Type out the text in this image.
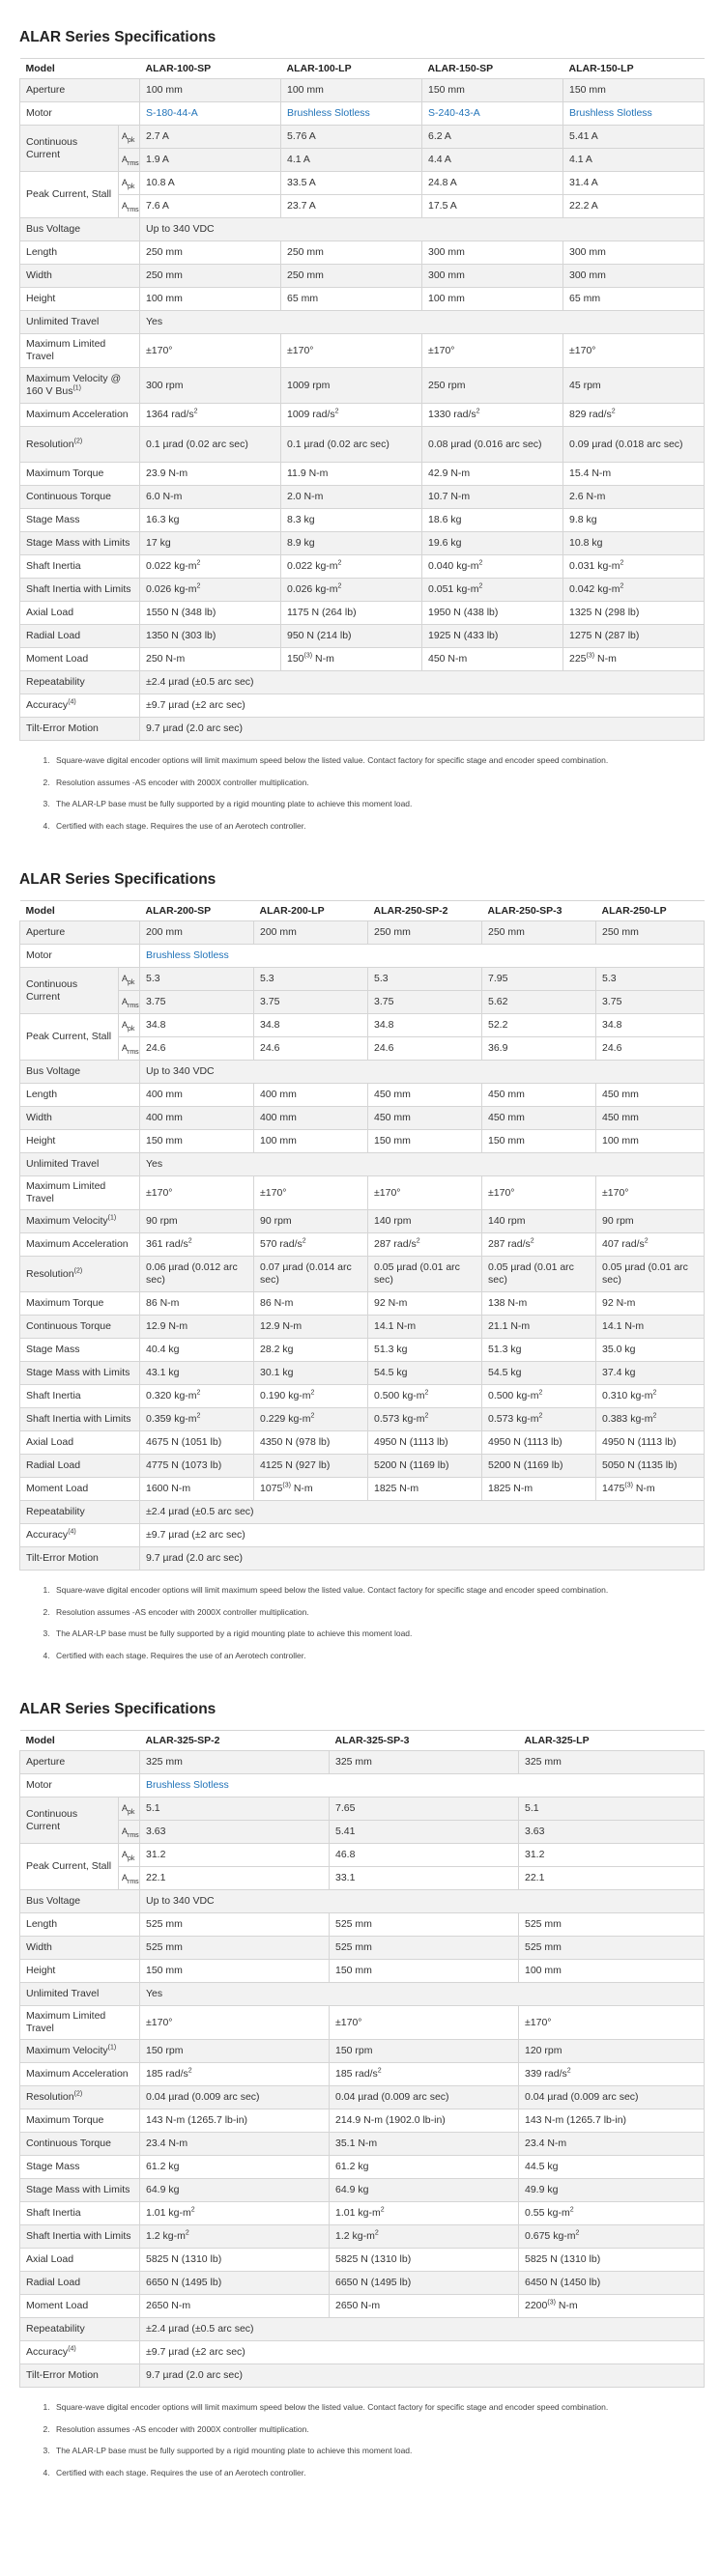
ALAR Series Specifications
Model		ALAR-100-SP	ALAR-100-LP	ALAR-150-SP	ALAR-150-LP
Aperture		100 mm	100 mm	150 mm	150 mm
Motor		S-180-44-A	Brushless Slotless	S-240-43-A	Brushless Slotless
Continuous Current	$A_{pk}$	2.7 A	5.76 A	6.2 A	5.41 A
	$A_{rms}$	1.9 A	4.1 A	4.4 A	4.1 A
Peak Current, Stall	$A_{pk}$	10.8 A	33.5 A	24.8 A	31.4 A
	$A_{rms}$	7.6 A	23.7 A	17.5 A	22.2 A
Bus Voltage		Up to 340 VDC			
Length		250 mm	250 mm	300 mm	300 mm
Width		250 mm	250 mm	300 mm	300 mm
Height		100 mm	65 mm	100 mm	65 mm
Unlimited Travel		Yes			
Maximum Limited Travel		±170°	±170°	±170°	±170°
Maximum Velocity @ 160 V Bus$^{(1)}$		300 rpm	1009 rpm	250 rpm	45 rpm
Maximum Acceleration		1364 rad/$s^2$	1009 rad/$s^2$	1330 rad/$s^2$	829 rad/$s^2$
Resolution$^{(2)}$		0.1 µrad (0.02 arc sec)	0.1 µrad (0.02 arc sec)	0.08 µrad (0.016 arc sec)	0.09 µrad (0.018 arc sec)
Maximum Torque		23.9 N-m	11.9 N-m	42.9 N-m	15.4 N-m
Continuous Torque		6.0 N-m	2.0 N-m	10.7 N-m	2.6 N-m
Stage Mass		16.3 kg	8.3 kg	18.6 kg	9.8 kg
Stage Mass with Limits		17 kg	8.9 kg	19.6 kg	10.8 kg
Shaft Inertia		0.022 $kg-m^2$	0.022 $kg-m^2$	0.040 $kg-m^2$	0.031 $kg-m^2$
Shaft Inertia with Limits		0.026 $kg-m^2$	0.026 $kg-m^2$	0.051 $kg-m^2$	0.042 $kg-m^2$
Axial Load		1550 N (348 lb)	1175 N (264 lb)	1950 N (438 lb)	1325 N (298 lb)
Radial Load		1350 N (303 lb)	950 N (214 lb)	1925 N (433 lb)	1275 N (287 lb)
Moment Load		250 N-m	150$^{(3)}$ N-m	450 N-m	225$^{(3)}$ N-m
Repeatability		±2.4 µrad (±0.5 arc sec)			
Accuracy$^{(4)}$		±9.7 µrad (±2 arc sec)			
Tilt-Error Motion		9.7 µrad (2.0 arc sec)			
1. Square-wave digital encoder options will limit maximum speed below the listed value. Contact factory for specific stage and encoder speed combination.
2. Resolution assumes -AS encoder with 2000X controller multiplication.
3. The ALAR-LP base must be fully supported by a rigid mounting plate to achieve this moment load.
4. Certified with each stage. Requires the use of an Aerotech controller.
ALAR Series Specifications
Model		ALAR-200-SP	ALAR-200-LP	ALAR-250-SP-2	ALAR-250-SP-3	ALAR-250-LP
Aperture		200 mm	200 mm	250 mm	250 mm	250 mm
Motor		Brushless Slotless				
Continuous Current	$A_{pk}$	5.3	5.3	5.3	7.95	5.3
	$A_{rms}$	3.75	3.75	3.75	5.62	3.75
Peak Current, Stall	$A_{pk}$	34.8	34.8	34.8	52.2	34.8
	$A_{rms}$	24.6	24.6	24.6	36.9	24.6
Bus Voltage		Up to 340 VDC				
Length		400 mm	400 mm	450 mm	450 mm	450 mm
Width		400 mm	400 mm	450 mm	450 mm	450 mm
Height		150 mm	100 mm	150 mm	150 mm	100 mm
Unlimited Travel		Yes				
Maximum Limited Travel		±170°	±170°	±170°	±170°	±170°
Maximum Velocity$^{(1)}$		90 rpm	90 rpm	140 rpm	140 rpm	90 rpm
Maximum Acceleration		361 rad/$s^2$	570 rad/$s^2$	287 rad/$s^2$	287 rad/$s^2$	407 rad/$s^2$
Resolution$^{(2)}$		0.06 µrad (0.012 arc sec)	0.07 µrad (0.014 arc sec)	0.05 µrad (0.01 arc sec)	0.05 µrad (0.01 arc sec)	0.05 µrad (0.01 arc sec)
Maximum Torque		86 N-m	86 N-m	92 N-m	138 N-m	92 N-m
Continuous Torque		12.9 N-m	12.9 N-m	14.1 N-m	21.1 N-m	14.1 N-m
Stage Mass		40.4 kg	28.2 kg	51.3 kg	51.3 kg	35.0 kg
Stage Mass with Limits		43.1 kg	30.1 kg	54.5 kg	54.5 kg	37.4 kg
Shaft Inertia		0.320 $kg-m^2$	0.190 $kg-m^2$	0.500 $kg-m^2$	0.500 $kg-m^2$	0.310 $kg-m^2$
Shaft Inertia with Limits		0.359 $kg-m^2$	0.229 $kg-m^2$	0.573 $kg-m^2$	0.573 $kg-m^2$	0.383 $kg-m^2$
Axial Load		4675 N (1051 lb)	4350 N (978 lb)	4950 N (1113 lb)	4950 N (1113 lb)	4950 N (1113 lb)
Radial Load		4775 N (1073 lb)	4125 N (927 lb)	5200 N (1169 lb)	5200 N (1169 lb)	5050 N (1135 lb)
Moment Load		1600 N-m	1075$^{(3)}$ N-m	1825 N-m	1825 N-m	1475$^{(3)}$ N-m
Repeatability		±2.4 µrad (±0.5 arc sec)				
Accuracy$^{(4)}$		±9.7 µrad (±2 arc sec)				
Tilt-Error Motion		9.7 µrad (2.0 arc sec)				
1. Square-wave digital encoder options will limit maximum speed below the listed value. Contact factory for specific stage and encoder speed combination.
2. Resolution assumes -AS encoder with 2000X controller multiplication.
3. The ALAR-LP base must be fully supported by a rigid mounting plate to achieve this moment load.
4. Certified with each stage. Requires the use of an Aerotech controller.
ALAR Series Specifications
Model		ALAR-325-SP-2	ALAR-325-SP-3	ALAR-325-LP
Aperture		325 mm	325 mm	325 mm
Motor		Brushless Slotless		
Continuous Current	$A_{pk}$	5.1	7.65	5.1
	$A_{rms}$	3.63	5.41	3.63
Peak Current, Stall	$A_{pk}$	31.2	46.8	31.2
	$A_{rms}$	22.1	33.1	22.1
Bus Voltage		Up to 340 VDC		
Length		525 mm	525 mm	525 mm
Width		525 mm	525 mm	525 mm
Height		150 mm	150 mm	100 mm
Unlimited Travel		Yes		
Maximum Limited Travel		±170°	±170°	±170°
Maximum Velocity$^{(1)}$		150 rpm	150 rpm	120 rpm
Maximum Acceleration		185 rad/$s^2$	185 rad/$s^2$	339 rad/$s^2$
Resolution$^{(2)}$		0.04 µrad (0.009 arc sec)	0.04 µrad (0.009 arc sec)	0.04 µrad (0.009 arc sec)
Maximum Torque		143 N-m (1265.7 lb-in)	214.9 N-m (1902.0 lb-in)	143 N-m (1265.7 lb-in)
Continuous Torque		23.4 N-m	35.1 N-m	23.4 N-m
Stage Mass		61.2 kg	61.2 kg	44.5 kg
Stage Mass with Limits		64.9 kg	64.9 kg	49.9 kg
Shaft Inertia		1.01 $kg-m^2$	1.01 $kg-m^2$	0.55 $kg-m^2$
Shaft Inertia with Limits		1.2 $kg-m^2$	1.2 $kg-m^2$	0.675 $kg-m^2$
Axial Load		5825 N (1310 lb)	5825 N (1310 lb)	5825 N (1310 lb)
Radial Load		6650 N (1495 lb)	6650 N (1495 lb)	6450 N (1450 lb)
Moment Load		2650 N-m	2650 N-m	2200$^{(3)}$ N-m
Repeatability		±2.4 µrad (±0.5 arc sec)		
Accuracy$^{(4)}$		±9.7 µrad (±2 arc sec)		
Tilt-Error Motion		9.7 µrad (2.0 arc sec)		
1. Square-wave digital encoder options will limit maximum speed below the listed value. Contact factory for specific stage and encoder speed combination.
2. Resolution assumes -AS encoder with 2000X controller multiplication.
3. The ALAR-LP base must be fully supported by a rigid mounting plate to achieve this moment load.
4. Certified with each stage. Requires the use of an Aerotech controller.
